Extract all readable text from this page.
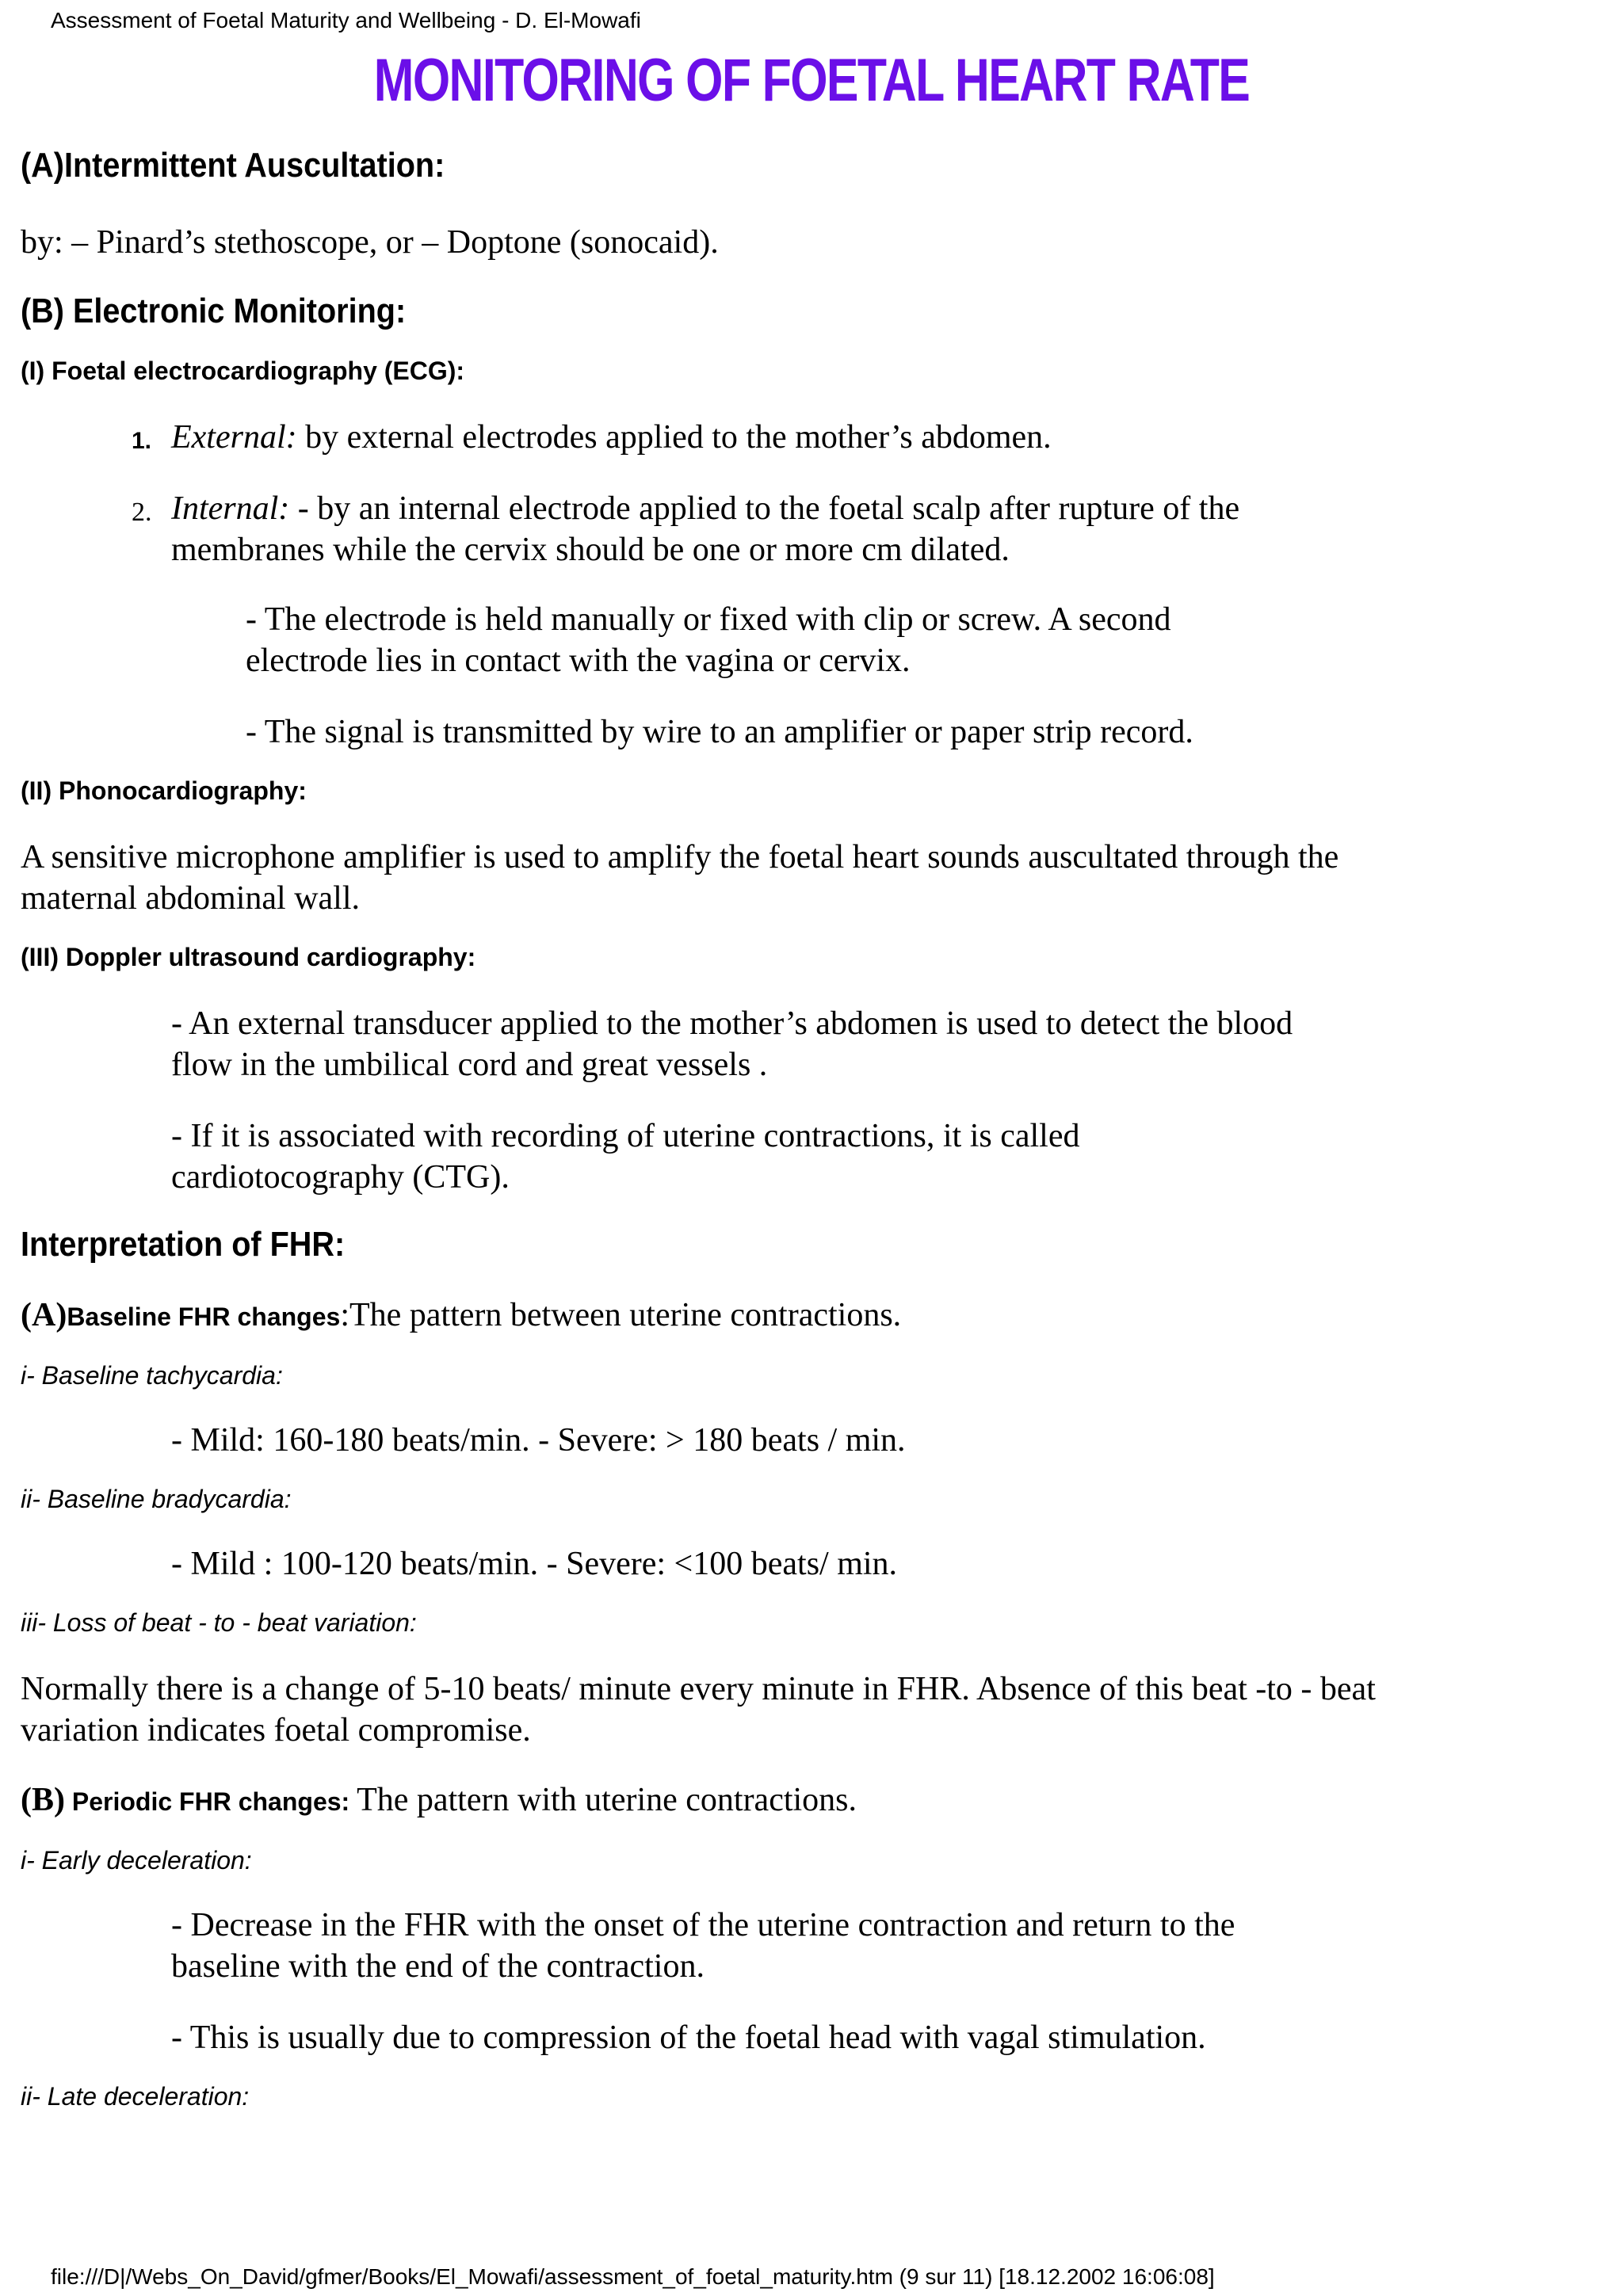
Assessment of Foetal Maturity and Wellbeing - D. El-Mowafi
MONITORING OF FOETAL HEART RATE
(A)Intermittent Auscultation:
by: – Pinard’s stethoscope, or – Doptone (sonocaid).
(B) Electronic Monitoring:
(I) Foetal electrocardiography (ECG):
1. External: by external electrodes applied to the mother’s abdomen.
2. Internal: - by an internal electrode applied to the foetal scalp after rupture of the
membranes while the cervix should be one or more cm dilated.
- The electrode is held manually or fixed with clip or screw. A second
electrode lies in contact with the vagina or cervix.
- The signal is transmitted by wire to an amplifier or paper strip record.
(II) Phonocardiography:
A sensitive microphone amplifier is used to amplify the foetal heart sounds auscultated through the
maternal abdominal wall.
(III) Doppler ultrasound cardiography:
- An external transducer applied to the mother’s abdomen is used to detect the blood
flow in the umbilical cord and great vessels .
- If it is associated with recording of uterine contractions, it is called
cardiotocography (CTG).
Interpretation of FHR:
(A)Baseline FHR changes:The pattern between uterine contractions.
i- Baseline tachycardia:
- Mild: 160-180 beats/min. - Severe: > 180 beats / min.
ii- Baseline bradycardia:
- Mild : 100-120 beats/min. - Severe: <100 beats/ min.
iii- Loss of beat - to - beat variation:
Normally there is a change of 5-10 beats/ minute every minute in FHR. Absence of this beat -to - beat
variation indicates foetal compromise.
(B) Periodic FHR changes: The pattern with uterine contractions.
i- Early deceleration:
- Decrease in the FHR with the onset of the uterine contraction and return to the
baseline with the end of the contraction.
- This is usually due to compression of the foetal head with vagal stimulation.
ii- Late deceleration:
file:///D|/Webs_On_David/gfmer/Books/El_Mowafi/assessment_of_foetal_maturity.htm (9 sur 11) [18.12.2002 16:06:08]
